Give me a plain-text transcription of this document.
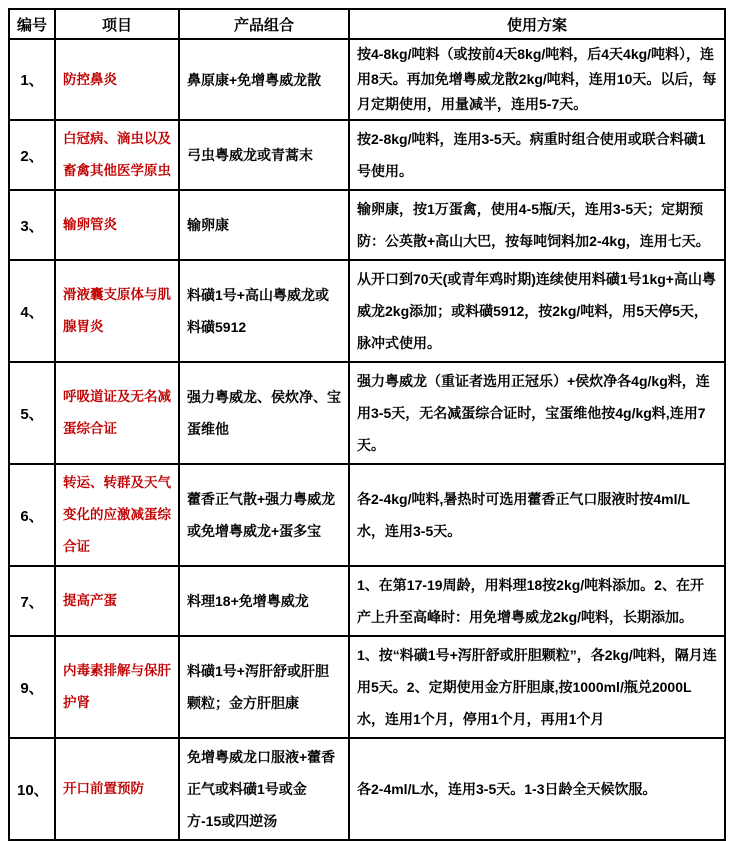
编号	项目	产品组合	使用方案
1、	防控鼻炎	鼻原康+免增粤威龙散	按4-8kg/吨料（或按前4天8kg/吨料，后4天4kg/吨料），连用8天。再加免增粤威龙散2kg/吨料，连用10天。以后，每月定期使用，用量减半，连用5-7天。
2、	白冠病、滴虫以及畜禽其他医学原虫	弓虫粤威龙或青蒿末	按2-8kg/吨料，连用3-5天。病重时组合使用或联合料磺1号使用。
3、	输卵管炎	输卵康	输卵康，按1万蛋禽，使用4-5瓶/天，连用3-5天；定期预防：公英散+高山大巴，按每吨饲料加2-4kg，连用七天。
4、	滑液囊支原体与肌腺胃炎	料磺1号+高山粤威龙或料磺5912	从开口到70天(或青年鸡时期)连续使用料磺1号1kg+高山粤威龙2kg添加；或料磺5912，按2kg/吨料，用5天停5天，脉冲式使用。
5、	呼吸道证及无名减蛋综合证	强力粤威龙、侯炊净、宝蛋维他	强力粤威龙（重证者选用正冠乐）+侯炊净各4g/kg料，连用3-5天，无名减蛋综合证时，宝蛋维他按4g/kg料,连用7天。
6、	转运、转群及天气变化的应激减蛋综合证	藿香正气散+强力粤威龙或免增粤威龙+蛋多宝	各2-4kg/吨料,暑热时可选用藿香正气口服液时按4ml/L水，连用3-5天。
7、	提高产蛋	料理18+免增粤威龙	1、在第17-19周龄，用料理18按2kg/吨料添加。2、在开产上升至高峰时：用免增粤威龙2kg/吨料，长期添加。
9、	内毒素排解与保肝护肾	料磺1号+泻肝舒或肝胆颗粒；金方肝胆康	1、按“料磺1号+泻肝舒或肝胆颗粒”，各2kg/吨料，隔月连用5天。2、定期使用金方肝胆康,按1000ml/瓶兑2000L水，连用1个月，停用1个月，再用1个月
10、	开口前置预防	免增粤威龙口服液+藿香正气或料磺1号或金方-15或四逆汤	各2-4ml/L水，连用3-5天。1-3日龄全天候饮服。
